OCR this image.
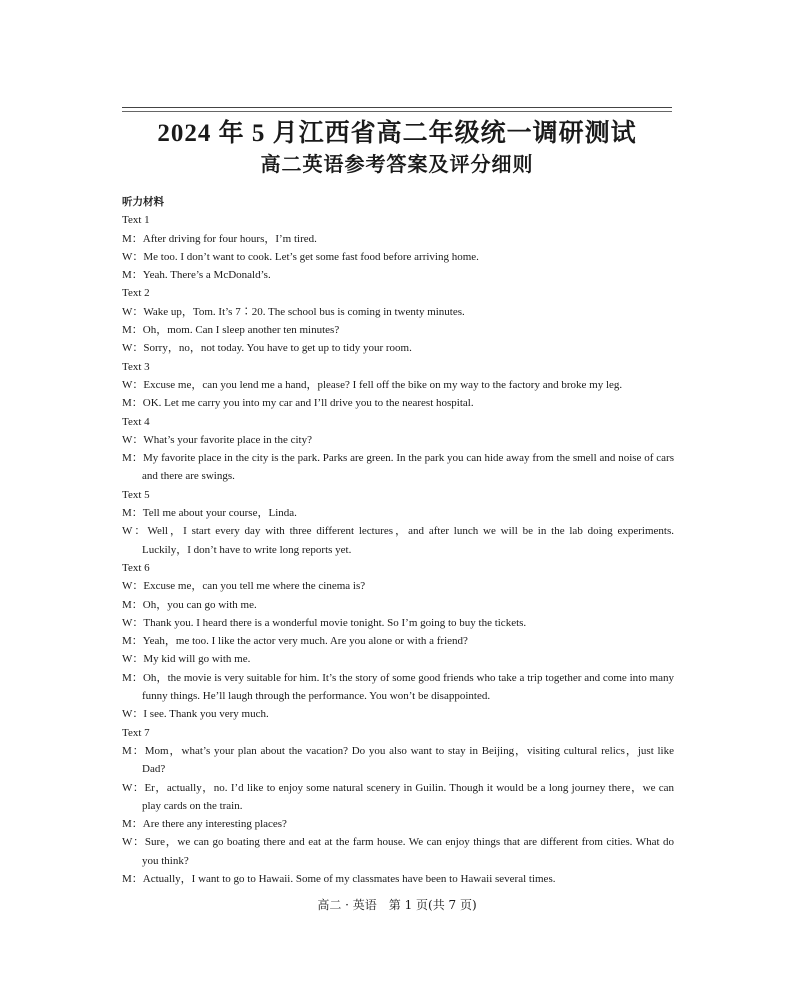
2024 年 5 月江西省高二年级统一调研测试
高二英语参考答案及评分细则
听力材料
Text 1
M：After driving for four hours，I’m tired.
W：Me too. I don’t want to cook. Let’s get some fast food before arriving home.
M：Yeah. There’s a McDonald’s.
Text 2
W：Wake up，Tom. It’s 7∶20. The school bus is coming in twenty minutes.
M：Oh，mom. Can I sleep another ten minutes?
W：Sorry，no，not today. You have to get up to tidy your room.
Text 3
W：Excuse me，can you lend me a hand，please? I fell off the bike on my way to the factory and broke my leg.
M：OK. Let me carry you into my car and I’ll drive you to the nearest hospital.
Text 4
W：What’s your favorite place in the city?
M：My favorite place in the city is the park. Parks are green. In the park you can hide away from the smell and noise of cars and there are swings.
Text 5
M：Tell me about your course，Linda.
W：Well，I start every day with three different lectures，and after lunch we will be in the lab doing experiments. Luckily，I don’t have to write long reports yet.
Text 6
W：Excuse me，can you tell me where the cinema is?
M：Oh，you can go with me.
W：Thank you. I heard there is a wonderful movie tonight. So I’m going to buy the tickets.
M：Yeah，me too. I like the actor very much. Are you alone or with a friend?
W：My kid will go with me.
M：Oh，the movie is very suitable for him. It’s the story of some good friends who take a trip together and come into many funny things. He’ll laugh through the performance. You won’t be disappointed.
W：I see. Thank you very much.
Text 7
M：Mom，what’s your plan about the vacation? Do you also want to stay in Beijing，visiting cultural relics，just like Dad?
W：Er，actually，no. I’d like to enjoy some natural scenery in Guilin. Though it would be a long journey there，we can play cards on the train.
M：Are there any interesting places?
W：Sure，we can go boating there and eat at the farm house. We can enjoy things that are different from cities. What do you think?
M：Actually，I want to go to Hawaii. Some of my classmates have been to Hawaii several times.
高二 · 英语　第 1 页(共 7 页)
